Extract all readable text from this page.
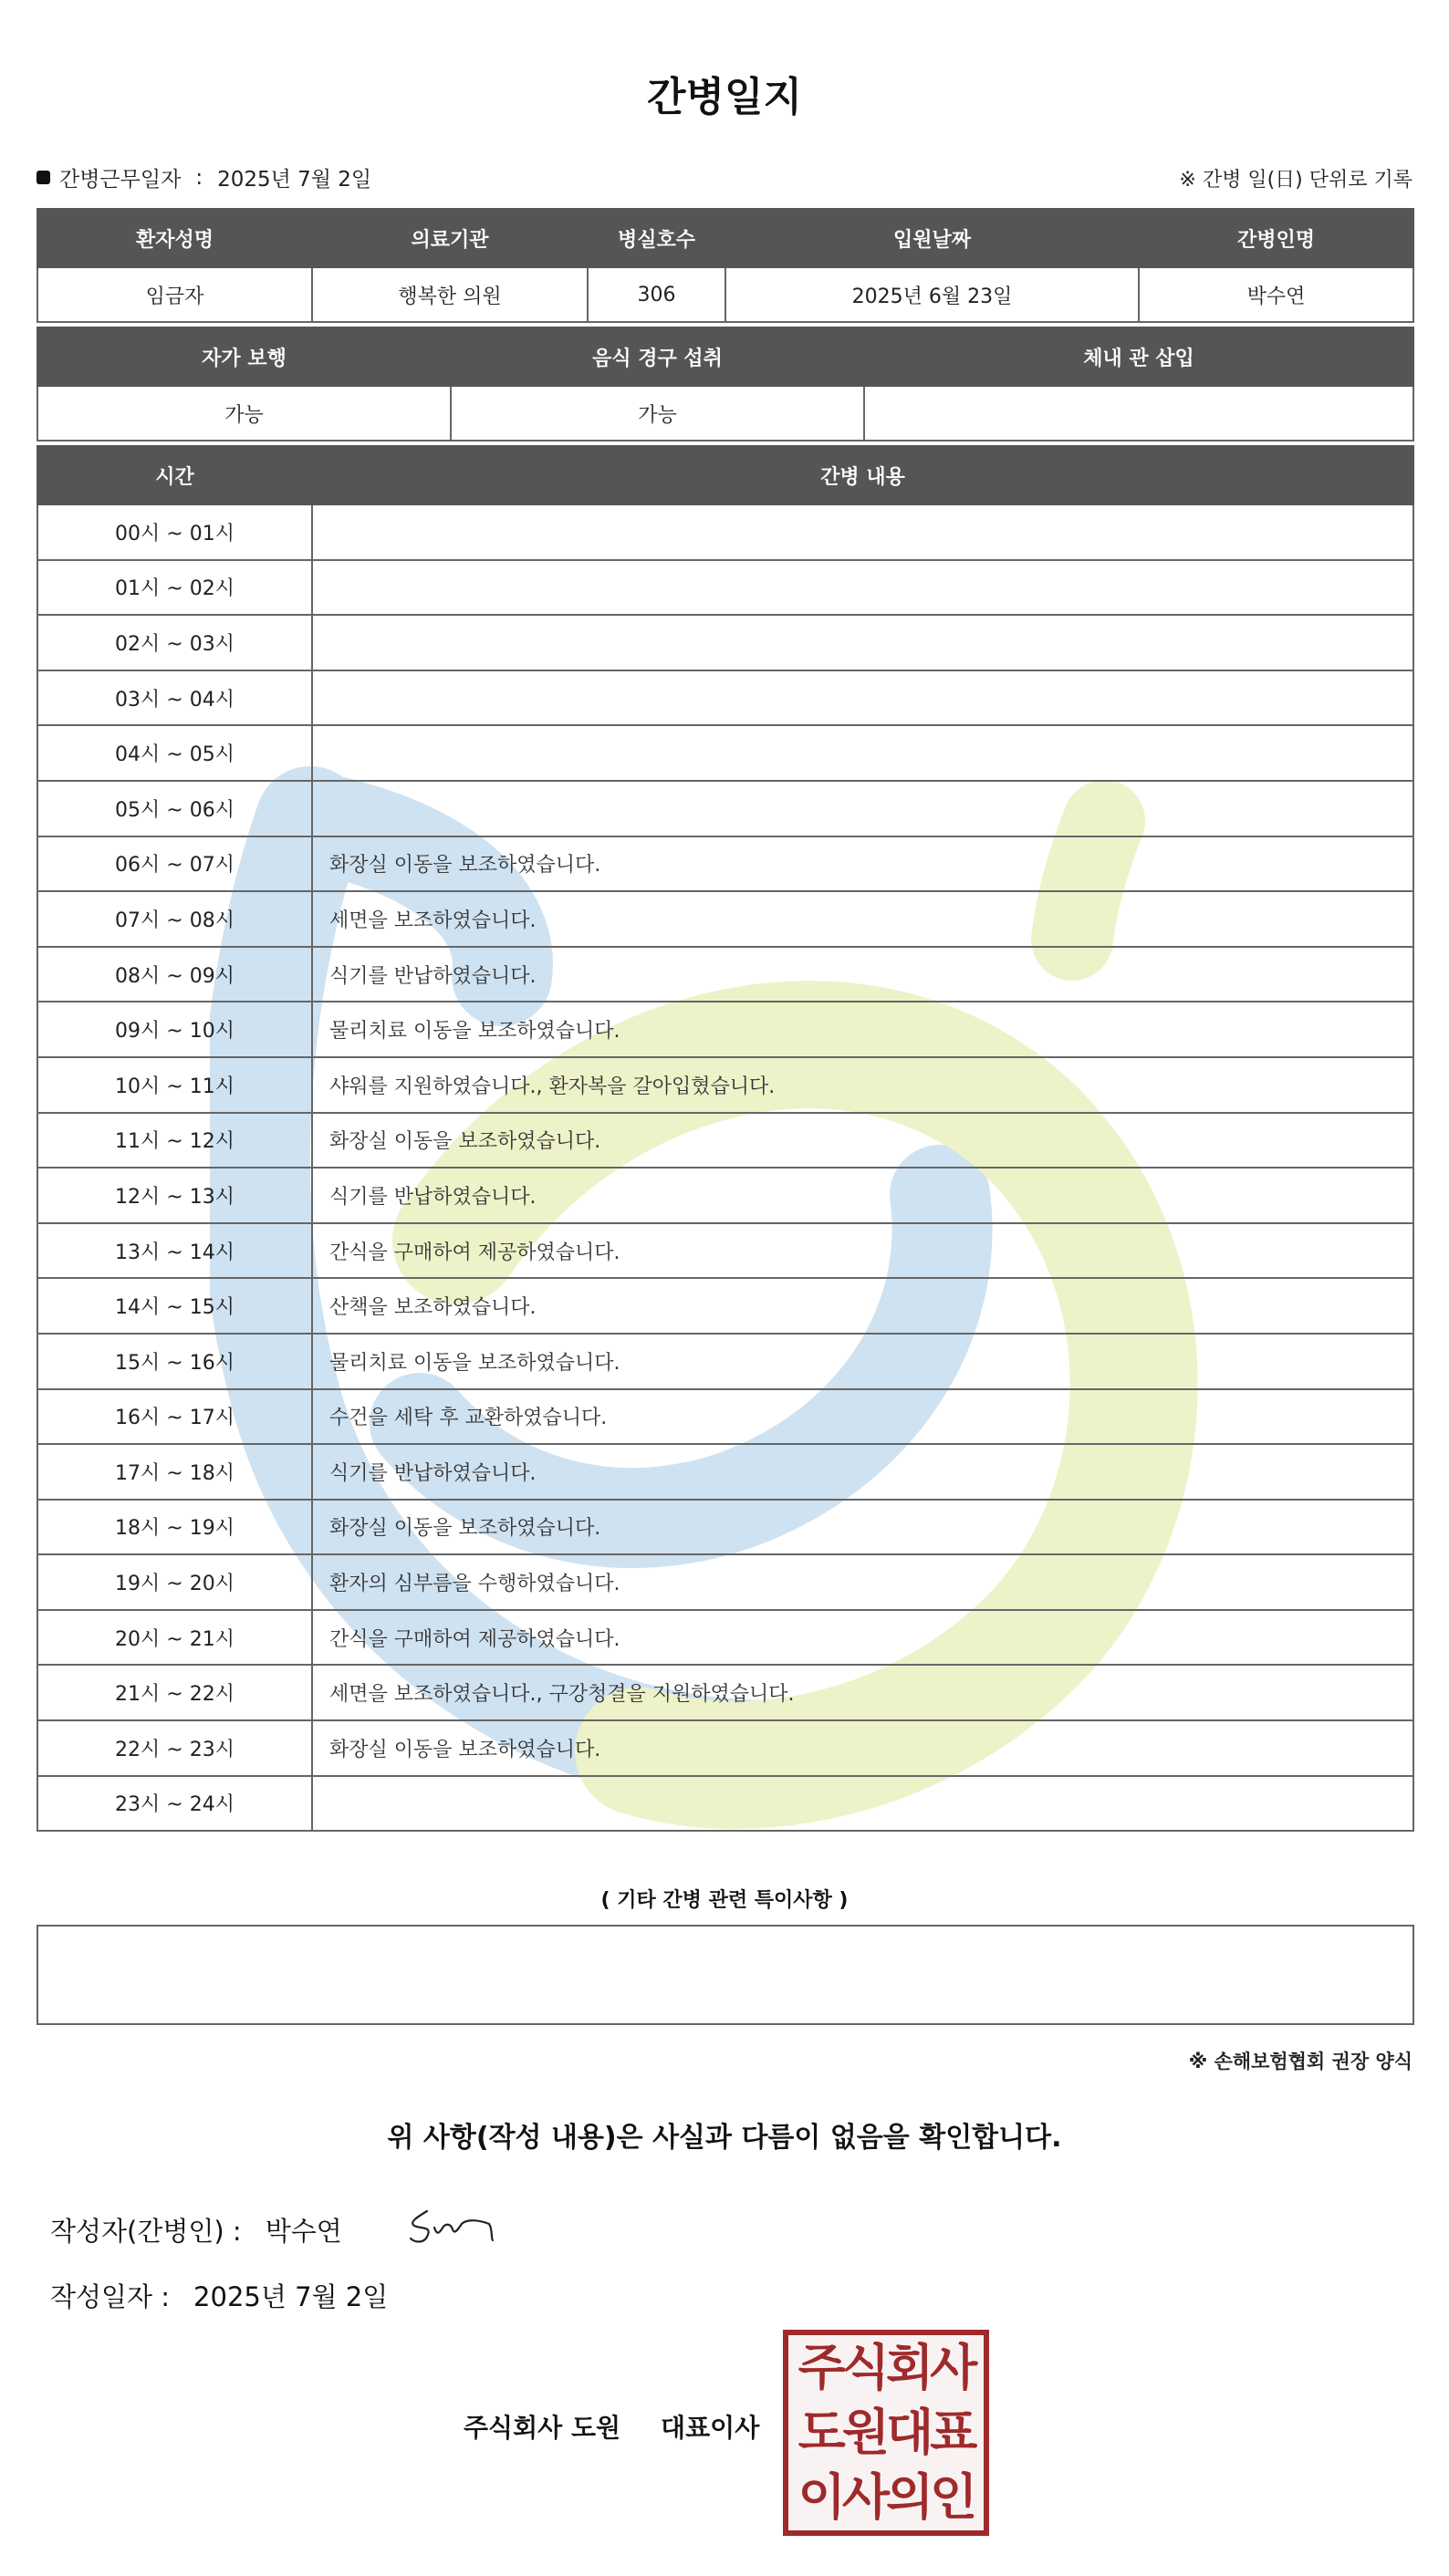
간병일지
간병근무일자 : 2025년 7월 2일	※ 간병 일(日) 단위로 기록
환자성명	의료기관	병실호수	입원날짜	간병인명
임금자	행복한 의원	306	2025년 6월 23일	박수연
자가 보행	음식 경구 섭취	체내 관 삽입
가능	가능	
시간	간병 내용
00시 ~ 01시	
01시 ~ 02시	
02시 ~ 03시	
03시 ~ 04시	
04시 ~ 05시	
05시 ~ 06시	
06시 ~ 07시	화장실 이동을 보조하였습니다.
07시 ~ 08시	세면을 보조하였습니다.
08시 ~ 09시	식기를 반납하였습니다.
09시 ~ 10시	물리치료 이동을 보조하였습니다.
10시 ~ 11시	샤워를 지원하였습니다., 환자복을 갈아입혔습니다.
11시 ~ 12시	화장실 이동을 보조하였습니다.
12시 ~ 13시	식기를 반납하였습니다.
13시 ~ 14시	간식을 구매하여 제공하였습니다.
14시 ~ 15시	산책을 보조하였습니다.
15시 ~ 16시	물리치료 이동을 보조하였습니다.
16시 ~ 17시	수건을 세탁 후 교환하였습니다.
17시 ~ 18시	식기를 반납하였습니다.
18시 ~ 19시	화장실 이동을 보조하였습니다.
19시 ~ 20시	환자의 심부름을 수행하였습니다.
20시 ~ 21시	간식을 구매하여 제공하였습니다.
21시 ~ 22시	세면을 보조하였습니다., 구강청결을 지원하였습니다.
22시 ~ 23시	화장실 이동을 보조하였습니다.
23시 ~ 24시	
( 기타 간병 관련 특이사항 )
※ 손해보험협회 권장 양식
위 사항(작성 내용)은 사실과 다름이 없음을 확인합니다.
작성자(간병인) : 박수연
작성일자 : 2025년 7월 2일
주식회사 도원 대표이사
주식회사
도원대표
이사의인
